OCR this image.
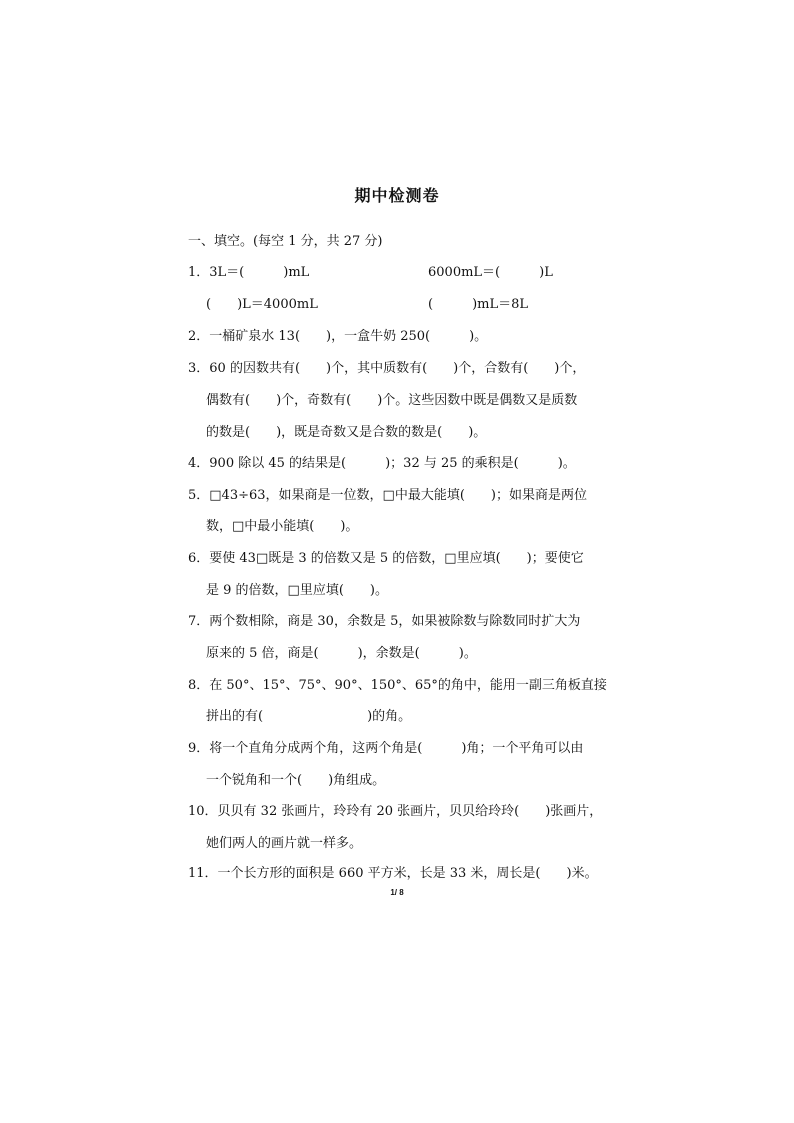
期中检测卷
一、填空。(每空 1 分，共 27 分)
1．3L＝(　　　)mL	6000mL＝(　　　)L
(　　)L＝4000mL	(　　　)mL＝8L
2．一桶矿泉水 13(　　)，一盒牛奶 250(　　　)。
3．60 的因数共有(　　)个，其中质数有(　　)个，合数有(　　)个，
偶数有(　　)个，奇数有(　　)个。这些因数中既是偶数又是质数
的数是(　　)，既是奇数又是合数的数是(　　)。
4．900 除以 45 的结果是(　　　)；32 与 25 的乘积是(　　　)。
5．□43÷63，如果商是一位数，□中最大能填(　　)；如果商是两位
数，□中最小能填(　　)。
6．要使 43□既是 3 的倍数又是 5 的倍数，□里应填(　　)；要使它
是 9 的倍数，□里应填(　　)。
7．两个数相除，商是 30，余数是 5，如果被除数与除数同时扩大为
原来的 5 倍，商是(　　　)，余数是(　　　)。
8．在 50°、15°、75°、90°、150°、65°的角中，能用一副三角板直接
拼出的有(　　　　　　　　)的角。
9．将一个直角分成两个角，这两个角是(　　　)角；一个平角可以由
一个锐角和一个(　　)角组成。
10．贝贝有 32 张画片，玲玲有 20 张画片，贝贝给玲玲(　　)张画片，
她们两人的画片就一样多。
11．一个长方形的面积是 660 平方米，长是 33 米，周长是(　　)米。
1/ 8
